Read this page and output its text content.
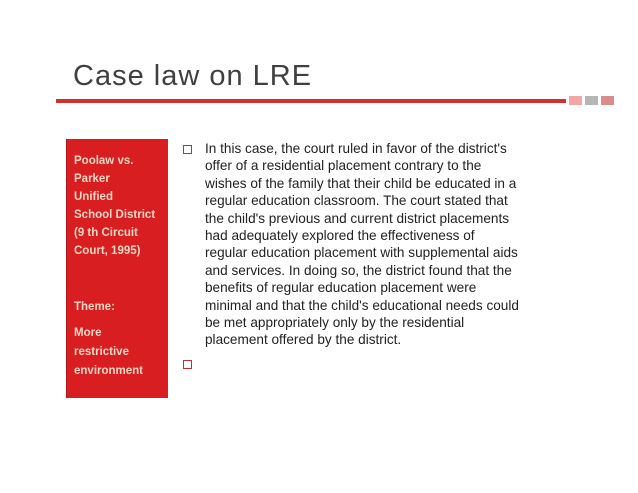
Case law on LRE
Poolaw vs.
Parker
Unified
School District
(9 th Circuit
Court, 1995)
Theme:
More
restrictive
environment
In this case, the court ruled in favor of the district's
offer of a residential placement contrary to the
wishes of the family that their child be educated in a
regular education classroom. The court stated that
the child's previous and current district placements
had adequately explored the effectiveness of
regular education placement with supplemental aids
and services. In doing so, the district found that the
benefits of regular education placement were
minimal and that the child's educational needs could
be met appropriately only by the residential
placement offered by the district.
